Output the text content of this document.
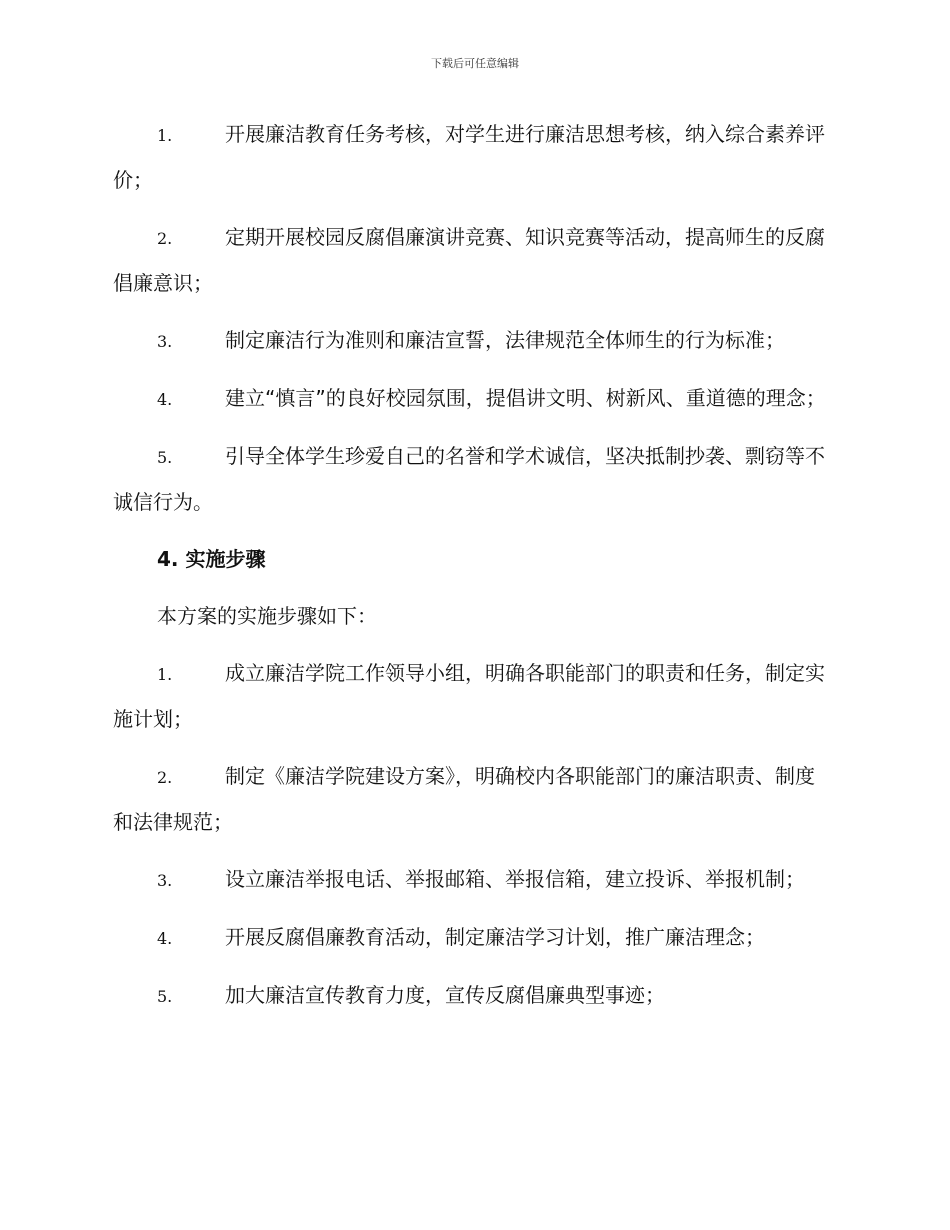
下载后可任意编辑
1.	开展廉洁教育任务考核，对学生进行廉洁思想考核，纳入综合素养评价；
2.	定期开展校园反腐倡廉演讲竞赛、知识竞赛等活动，提高师生的反腐倡廉意识；
3.	制定廉洁行为准则和廉洁宣誓，法律规范全体师生的行为标准；
4.	建立“慎言”的良好校园氛围，提倡讲文明、树新风、重道德的理念；
5.	引导全体学生珍爱自己的名誉和学术诚信，坚决抵制抄袭、剽窃等不诚信行为。
4. 实施步骤
本方案的实施步骤如下：
1.	成立廉洁学院工作领导小组，明确各职能部门的职责和任务，制定实施计划；
2.	制定《廉洁学院建设方案》，明确校内各职能部门的廉洁职责、制度和法律规范；
3.	设立廉洁举报电话、举报邮箱、举报信箱，建立投诉、举报机制；
4.	开展反腐倡廉教育活动，制定廉洁学习计划，推广廉洁理念；
5.	加大廉洁宣传教育力度，宣传反腐倡廉典型事迹；
